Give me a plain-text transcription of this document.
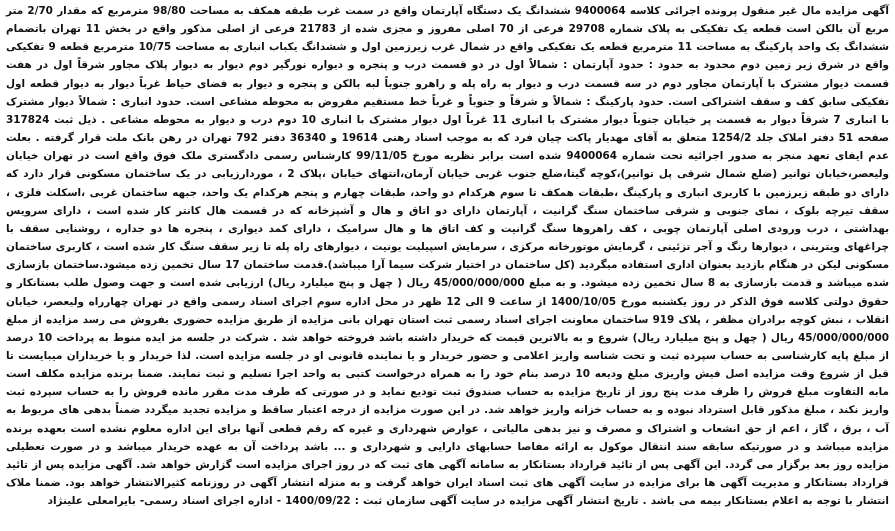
آگهی مزایده مال غیر منقول پرونده اجرائی کلاسه 9400064 ششدانگ یک دستگاه آپارتمان واقع در سمت غرب طبقه همکف به مساحت 98/80 مترمربع که مقدار 2/70 متر مربع آن بالکن است قطعه یک تفکیکی به پلاک شماره 29708 فرعی از 70 اصلی مفروز و مجزی شده از 21783 فرعی از اصلی مذکور واقع در بخش 11 تهران باتضمام ششدانگ یک واحد پارکینگ به مساحت 11 مترمربع قطعه یک تفکیکی واقع در شمال غرب زیرزمین اول و ششدانگ یکباب انباری به مساحت 10/75 مترمربع قطعه 9 تفکیکی واقع در شرق زیر زمین دوم محدود به حدود : حدود آپارتمان : شمالاً اول در دو قسمت درب و پنجره و دیواره نورگیر دوم دیوار به دیوار پلاک مجاور شرقاً اول در هفت قسمت دیوار مشترک با آپارتمان مجاور دوم در سه قسمت درب و دیوار به راه پله و راهرو جنوباً لبه بالکن و پنجره و دیوار به فضای حیاط غرباً دیوار به دیوار قطعه اول تفکیکی سابق کف و سقف اشتراکی است. حدود پارکینگ : شمالاً و شرقاً و جنوباً و غرباً خط مستقیم مفروض به محوطه مشاعی است. حدود انباری : شمالاً دیوار مشترک با انباری 7 شرقاً دیوار به قسمت پر خیابان جنوباً دیوار مشترک با انباری 11 غرباً اول دیوار مشترک با انباری 10 دوم درب و دیوار به محوطه مشاعی . ذیل ثبت 317824 صفحه 51 دفتر املاک جلد 1254/2 متعلق به آقای مهدیار پاکت چیان فرد که به موجب اسناد رهنی 19614 و 36340 دفتر 792 تهران در رهن بانک ملت قرار گرفته . بعلت عدم ایفای تعهد منجر به صدور اجرائیه تحت شماره 9400064 شده است برابر نظریه مورخ 99/11/05 کارشناس رسمی دادگستری ملک فوق واقع است در تهران خیابان ولیعصر،خیابان توانیر (ضلع شمال شرقی پل توانیر)،کوچه گیتا،ضلع جنوب غربی خیابان آرمان،انتهای خیابان ،پلاک 2 ، موردارزیابی در یک ساختمان مسکونی قرار دارد که دارای دو طبقه زیرزمین با کاربری انباری و پارکینگ ،طبقات همکف تا سوم هرکدام دو واحد، طبقات چهارم و پنجم هرکدام یک واحد، جبهه ساختمان غربی ،اسکلت فلزی ، سقف تیرچه بلوک ، نمای جنوبی و شرقی ساختمان سنگ گرانیت ، آپارتمان دارای دو اتاق و هال و آشپزخانه که در قسمت هال کانتر کار شده است ، دارای سرویس بهداشتی ، درب ورودی اصلی آپارتمان چوبی ، کف راهروها سنگ گرانیت و کف اتاق ها و هال سرامیک ، دارای کمد دیواری ، پنجره ها دو جداره ، روشنایی سقف با چراغهای ویترینی ، دیوارها رنگ و آجر تزئینی ، گرمایش موتورخانه مرکزی ، سرمایش اسپیلیت یونیت ، دیوارهای راه پله تا زیر سقف سنگ کار شده است ، کاربری ساختمان مسکونی لیکن در هنگام بازدید بعنوان اداری استفاده میگردید (کل ساختمان در اختیار شرکت سیما آرا میباشد).قدمت ساختمان 17 سال تخمین زده میشود.ساختمان بازسازی شده میباشد و قدمت بازسازی به 8 سال تخمین زده میشود. و به مبلغ 45/000/000/000 ریال ( چهل و پنج میلیارد ریال) ارزیابی شده است و جهت وصول طلب بستانکار و حقوق دولتی کلاسه فوق الذکر در روز یکشنبه مورخ 1400/10/05 از ساعت 9 الی 12 ظهر در محل اداره سوم اجرای اسناد رسمی واقع در تهران چهارراه ولیعصر، خیابان انقلاب ، نبش کوچه برادران مظفر ، پلاک 919 ساختمان معاونت اجرای اسناد رسمی ثبت استان تهران بانی مزایده از طریق مزایده حضوری بفروش می رسد مزایده از مبلغ 45/000/000/000 ریال ( چهل و پنج میلیارد ریال) شروع و به بالاترین قیمت که خریدار داشته باشد فروخته خواهد شد . شرکت در جلسه مز ایده منوط به پرداخت 10 درصد از مبلغ پایه کارشناسی به حساب سپرده ثبت و تحت شناسه واریز اعلامی و حضور خریدار و یا نماینده قانونی او در جلسه مزایده است. لذا خریدار و یا خریداران میبایست تا قبل از شروع وقت مزایده اصل فیش واریزی مبلغ ودیعه 10 درصد بنام خود را به همراه درخواست کتبی به واحد اجرا تسلیم و ثبت نمایند. ضمنا برنده مزایده مکلف است مابه التفاوت مبلغ فروش را ظرف مدت پنج روز از تاریخ مزایده به حساب صندوق ثبت تودیع نماید و در صورتی که طرف مدت مقرر مانده فروش را به حساب سپرده ثبت واریز نکند ، مبلغ مذکور قابل استرداد نبوده و به حساب خزانه واریز خواهد شد. در این صورت مزایده از درجه اعتبار ساقط و مزایده تجدید میگردد ضمناً بدهی های مربوط به آب ، برق ، گاز ، اعم از حق انشعاب و اشتراک و مصرف و نیز بدهی مالیاتی ، عوارض شهرداری و غیره که رقم قطعی آنها برای این اداره معلوم نشده است بعهده برنده مزایده میباشد و در صورتیکه سابقه سند انتقال موکول به ارائه مفاصا حسابهای دارایی و شهرداری و ... باشد پرداخت آن به عهده خریدار میباشد و در صورت تعطیلی مزایده روز بعد برگزار می گردد. این آگهی پس از تائید قرارداد بستانکار به سامانه آگهی های ثبت که در روز اجرای مزایده است گزارش خواهد شد. آگهی مزایده پس از تائید قرارداد بستانکار و مدیریت آگهی ها برای مزایده در سایت آگهی های ثبت اسناد ایران خواهد گرفت و به منزله انتشار آگهی در روزنامه کثیرالانتشار خواهد بود. ضمنا ملاک انتشار با توجه به اعلام بستانکار بیمه می باشد . تاریخ انتشار آگهی مزایده در سایت آگهی سازمان ثبت : 1400/09/22 - اداره اجرای اسناد رسمی- بایرامعلی علینژاد
